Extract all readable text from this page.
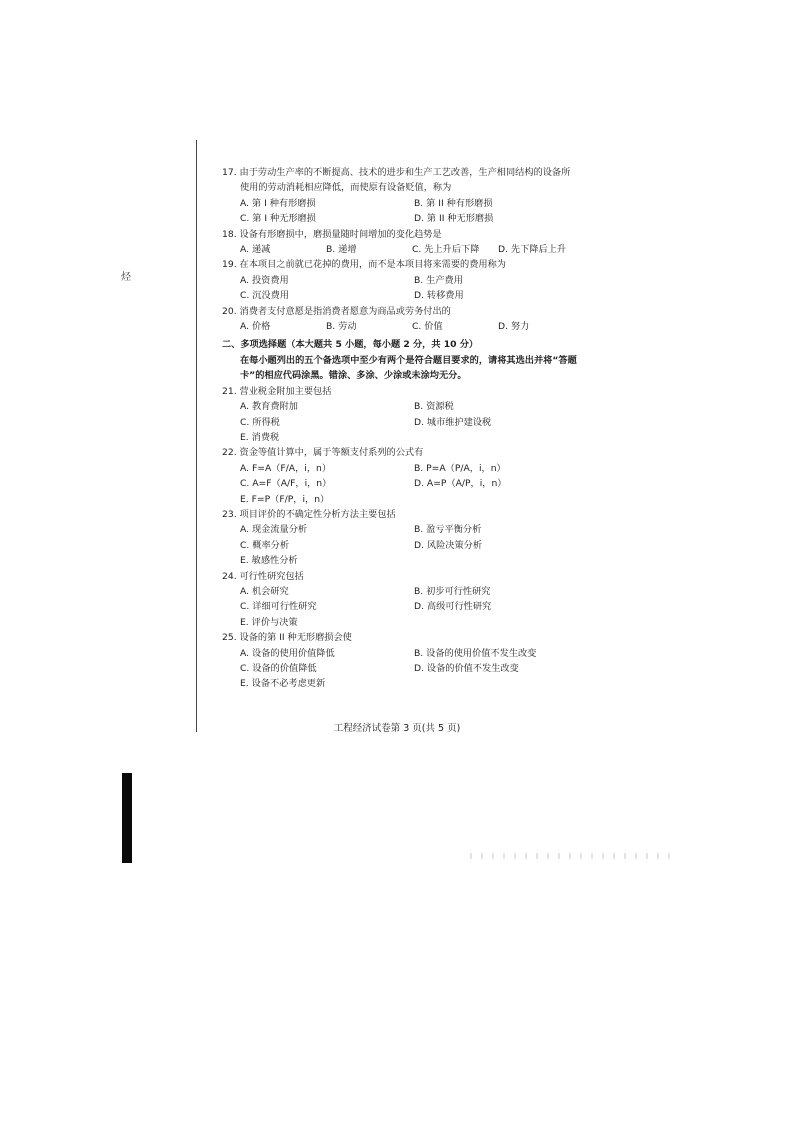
烃
17. 由于劳动生产率的不断提高、技术的进步和生产工艺改善，生产相同结构的设备所
使用的劳动消耗相应降低，而使原有设备贬值，称为
A. 第 I 种有形磨损	B. 第 II 种有形磨损
C. 第 I 种无形磨损	D. 第 II 种无形磨损
18. 设备有形磨损中，磨损量随时间增加的变化趋势是
A. 递减	B. 递增	C. 先上升后下降	D. 先下降后上升
19. 在本项目之前就已花掉的费用，而不是本项目将来需要的费用称为
A. 投资费用	B. 生产费用
C. 沉没费用	D. 转移费用
20. 消费者支付意愿是指消费者愿意为商品或劳务付出的
A. 价格	B. 劳动	C. 价值	D. 努力
二、多项选择题（本大题共 5 小题，每小题 2 分，共 10 分）
在每小题列出的五个备选项中至少有两个是符合题目要求的，请将其选出并将“答题卡”的相应代码涂黑。错涂、多涂、少涂或未涂均无分。
21. 营业税金附加主要包括
A. 教育费附加	B. 资源税
C. 所得税	D. 城市维护建设税
E. 消费税
22. 资金等值计算中，属于等额支付系列的公式有
A. F=A（F/A，i，n）	B. P=A（P/A，i，n）
C. A=F（A/F，i，n）	D. A=P（A/P，i，n）
E. F=P（F/P，i，n）
23. 项目评价的不确定性分析方法主要包括
A. 现金流量分析	B. 盈亏平衡分析
C. 概率分析	D. 风险决策分析
E. 敏感性分析
24. 可行性研究包括
A. 机会研究	B. 初步可行性研究
C. 详细可行性研究	D. 高级可行性研究
E. 评价与决策
25. 设备的第 II 种无形磨损会使
A. 设备的使用价值降低	B. 设备的使用价值不发生改变
C. 设备的价值降低	D. 设备的价值不发生改变
E. 设备不必考虑更新
工程经济试卷第 3 页(共 5 页)
